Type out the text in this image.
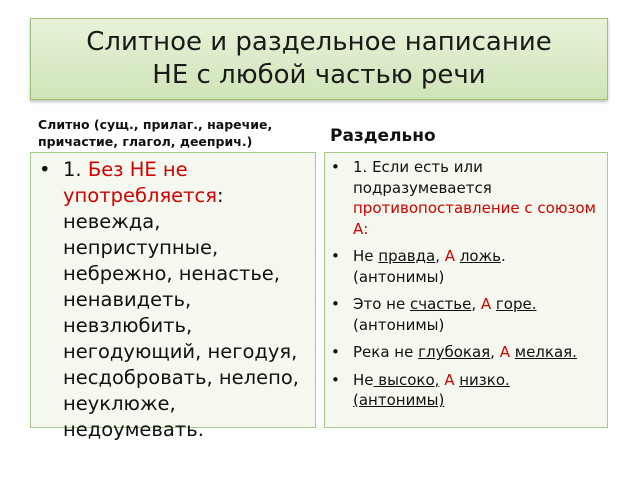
Слитное и раздельное написание
НЕ с любой частью речи
Слитно (сущ., прилаг., наречие,
причастие, глагол, дееприч.)	Раздельно
• 1. Без НЕ не употребляется: невежда, неприступные, небрежно, ненастье, ненавидеть, невзлюбить, негодующий, негодуя, несдобровать, нелепо, неуклюже, недоумевать.
• 1. Если есть или подразумевается противопоставление с союзом А:
• Не правда, А ложь. (антонимы)
• Это не счастье, А горе. (антонимы)
• Река не глубокая, А мелкая.
• Не высоко, А низко.(антонимы)
